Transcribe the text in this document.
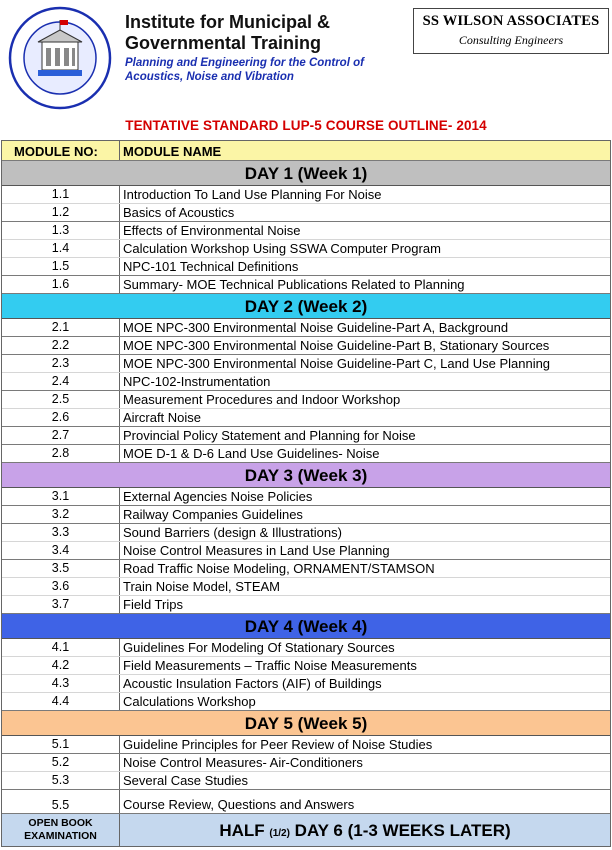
Institute for Municipal &
Governmental Training
Planning and Engineering for the Control of
Acoustics, Noise and Vibration
SS WILSON ASSOCIATES
Consulting Engineers
TENTATIVE STANDARD LUP-5 COURSE OUTLINE- 2014
MODULE NO:	MODULE NAME
DAY 1 (Week 1)
1.1	Introduction To Land Use Planning For Noise
1.2	Basics of Acoustics
1.3	Effects of Environmental Noise
1.4	Calculation Workshop Using SSWA Computer Program
1.5	NPC-101 Technical Definitions
1.6	Summary- MOE Technical Publications Related to Planning
DAY 2 (Week 2)
2.1	MOE NPC-300 Environmental Noise Guideline-Part A, Background
2.2	MOE NPC-300 Environmental Noise Guideline-Part B, Stationary Sources
2.3	MOE NPC-300 Environmental Noise Guideline-Part C, Land Use Planning
2.4	NPC-102-Instrumentation
2.5	Measurement Procedures and Indoor Workshop
2.6	Aircraft Noise
2.7	Provincial Policy Statement and Planning for Noise
2.8	MOE D-1 & D-6 Land Use Guidelines- Noise
DAY 3 (Week 3)
3.1	External Agencies Noise Policies
3.2	Railway Companies Guidelines
3.3	Sound Barriers (design & Illustrations)
3.4	Noise Control Measures in Land Use Planning
3.5	Road Traffic Noise Modeling, ORNAMENT/STAMSON
3.6	Train Noise Model, STEAM
3.7	Field Trips
DAY 4 (Week 4)
4.1	Guidelines For Modeling Of Stationary Sources
4.2	Field Measurements – Traffic Noise Measurements
4.3	Acoustic Insulation Factors (AIF) of Buildings
4.4	Calculations Workshop
DAY 5 (Week 5)
5.1	Guideline Principles for Peer Review of Noise Studies
5.2	Noise Control Measures- Air-Conditioners
5.3	Several Case Studies
5.5	Course Review, Questions and Answers
OPEN BOOK
EXAMINATION	HALF (1/2) DAY 6 (1-3 WEEKS LATER)
